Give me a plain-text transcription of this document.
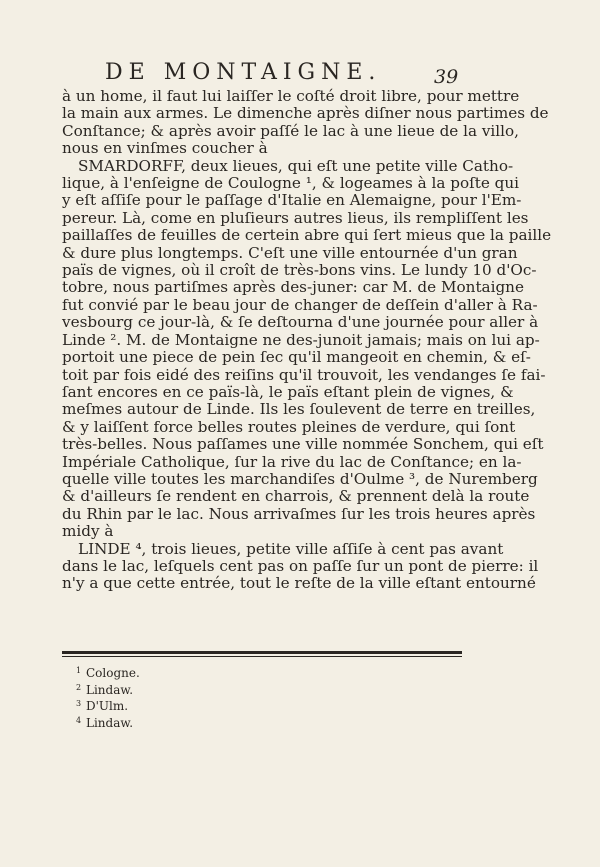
DE MONTAIGNE.	39
à un home, il faut lui laiſſer le coſté droit libre, pour mettre
la main aux armes. Le dimenche après diſner nous partimes de
Conſtance; & après avoir paſſé le lac à une lieue de la villo,
nous en vinſmes coucher à
SMARDORFF, deux lieues, qui eſt une petite ville Catho-
lique, à l'enſeigne de Coulogne ¹, & logeames à la poſte qui
y eſt aſſiſe pour le paſſage d'Italie en Alemaigne, pour l'Em-
pereur. Là, come en pluſieurs autres lieus, ils rempliſſent les
paillaſſes de feuilles de certein abre qui ſert mieus que la paille
& dure plus longtemps. C'eſt une ville entournée d'un gran
païs de vignes, où il croît de très-bons vins. Le lundy 10 d'Oc-
tobre, nous partiſmes après des-juner: car M. de Montaigne
fut convié par le beau jour de changer de deſſein d'aller à Ra-
vesbourg ce jour-là, & ſe deſtourna d'une journée pour aller à
Linde ². M. de Montaigne ne des-junoit jamais; mais on lui ap-
portoit une piece de pein ſec qu'il mangeoit en chemin, & eſ-
toit par fois eidé des reiſins qu'il trouvoit, les vendanges ſe fai-
ſant encores en ce païs-là, le païs eſtant plein de vignes, &
meſmes autour de Linde. Ils les ſoulevent de terre en treilles,
& y laiſſent force belles routes pleines de verdure, qui ſont
très-belles. Nous paſſames une ville nommée Sonchem, qui eſt
Impériale Catholique, ſur la rive du lac de Conſtance; en la-
quelle ville toutes les marchandiſes d'Oulme ³, de Nuremberg
& d'ailleurs ſe rendent en charrois, & prennent delà la route
du Rhin par le lac. Nous arrivaſmes ſur les trois heures après
midy à
LINDE ⁴, trois lieues, petite ville aſſiſe à cent pas avant
dans le lac, leſquels cent pas on paſſe ſur un pont de pierre: il
n'y a que cette entrée, tout le reſte de la ville eſtant entourné
1 Cologne.
2 Lindaw.
3 D'Ulm.
4 Lindaw.
